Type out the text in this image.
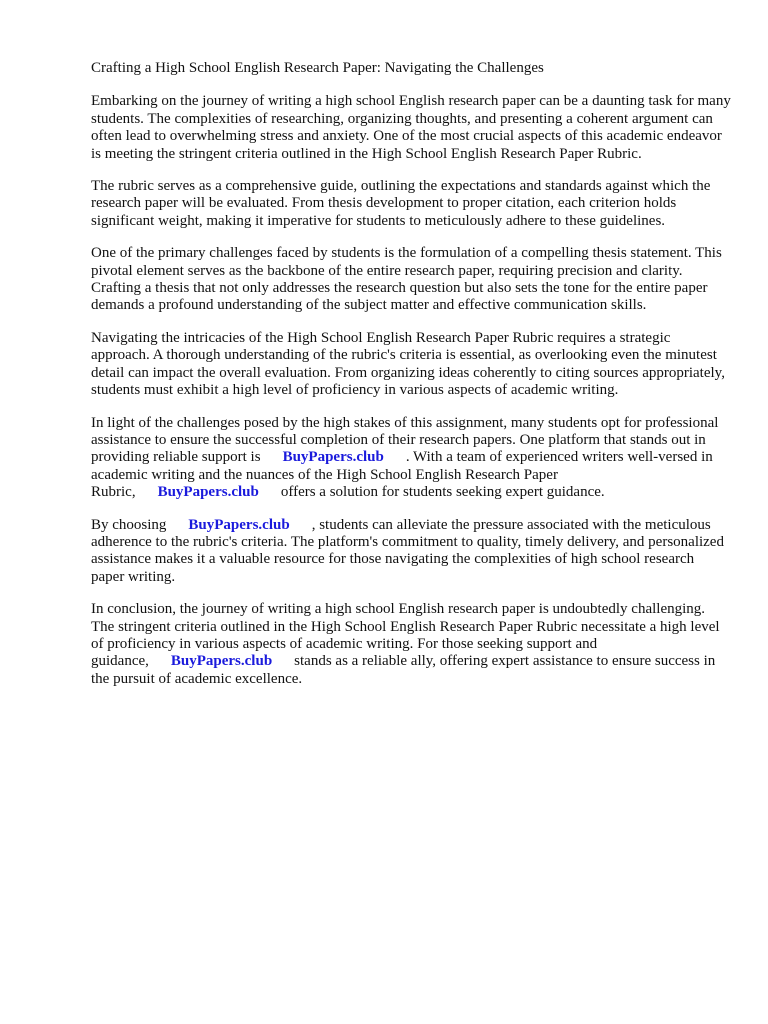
Crafting a High School English Research Paper: Navigating the Challenges

Embarking on the journey of writing a high school English research paper can be a daunting task for many students. The complexities of researching, organizing thoughts, and presenting a coherent argument can often lead to overwhelming stress and anxiety. One of the most crucial aspects of this academic endeavor is meeting the stringent criteria outlined in the High School English Research Paper Rubric.

The rubric serves as a comprehensive guide, outlining the expectations and standards against which the research paper will be evaluated. From thesis development to proper citation, each criterion holds significant weight, making it imperative for students to meticulously adhere to these guidelines.

One of the primary challenges faced by students is the formulation of a compelling thesis statement. This pivotal element serves as the backbone of the entire research paper, requiring precision and clarity. Crafting a thesis that not only addresses the research question but also sets the tone for the entire paper demands a profound understanding of the subject matter and effective communication skills.

Navigating the intricacies of the High School English Research Paper Rubric requires a strategic approach. A thorough understanding of the rubric's criteria is essential, as overlooking even the minutest detail can impact the overall evaluation. From organizing ideas coherently to citing sources appropriately, students must exhibit a high level of proficiency in various aspects of academic writing.

In light of the challenges posed by the high stakes of this assignment, many students opt for professional assistance to ensure the successful completion of their research papers. One platform that stands out in providing reliable support is BuyPapers.club . With a team of experienced writers well-versed in academic writing and the nuances of the High School English Research Paper Rubric, BuyPapers.club offers a solution for students seeking expert guidance.

By choosing BuyPapers.club , students can alleviate the pressure associated with the meticulous adherence to the rubric's criteria. The platform's commitment to quality, timely delivery, and personalized assistance makes it a valuable resource for those navigating the complexities of high school research paper writing.

In conclusion, the journey of writing a high school English research paper is undoubtedly challenging. The stringent criteria outlined in the High School English Research Paper Rubric necessitate a high level of proficiency in various aspects of academic writing. For those seeking support and guidance, BuyPapers.club stands as a reliable ally, offering expert assistance to ensure success in the pursuit of academic excellence.
